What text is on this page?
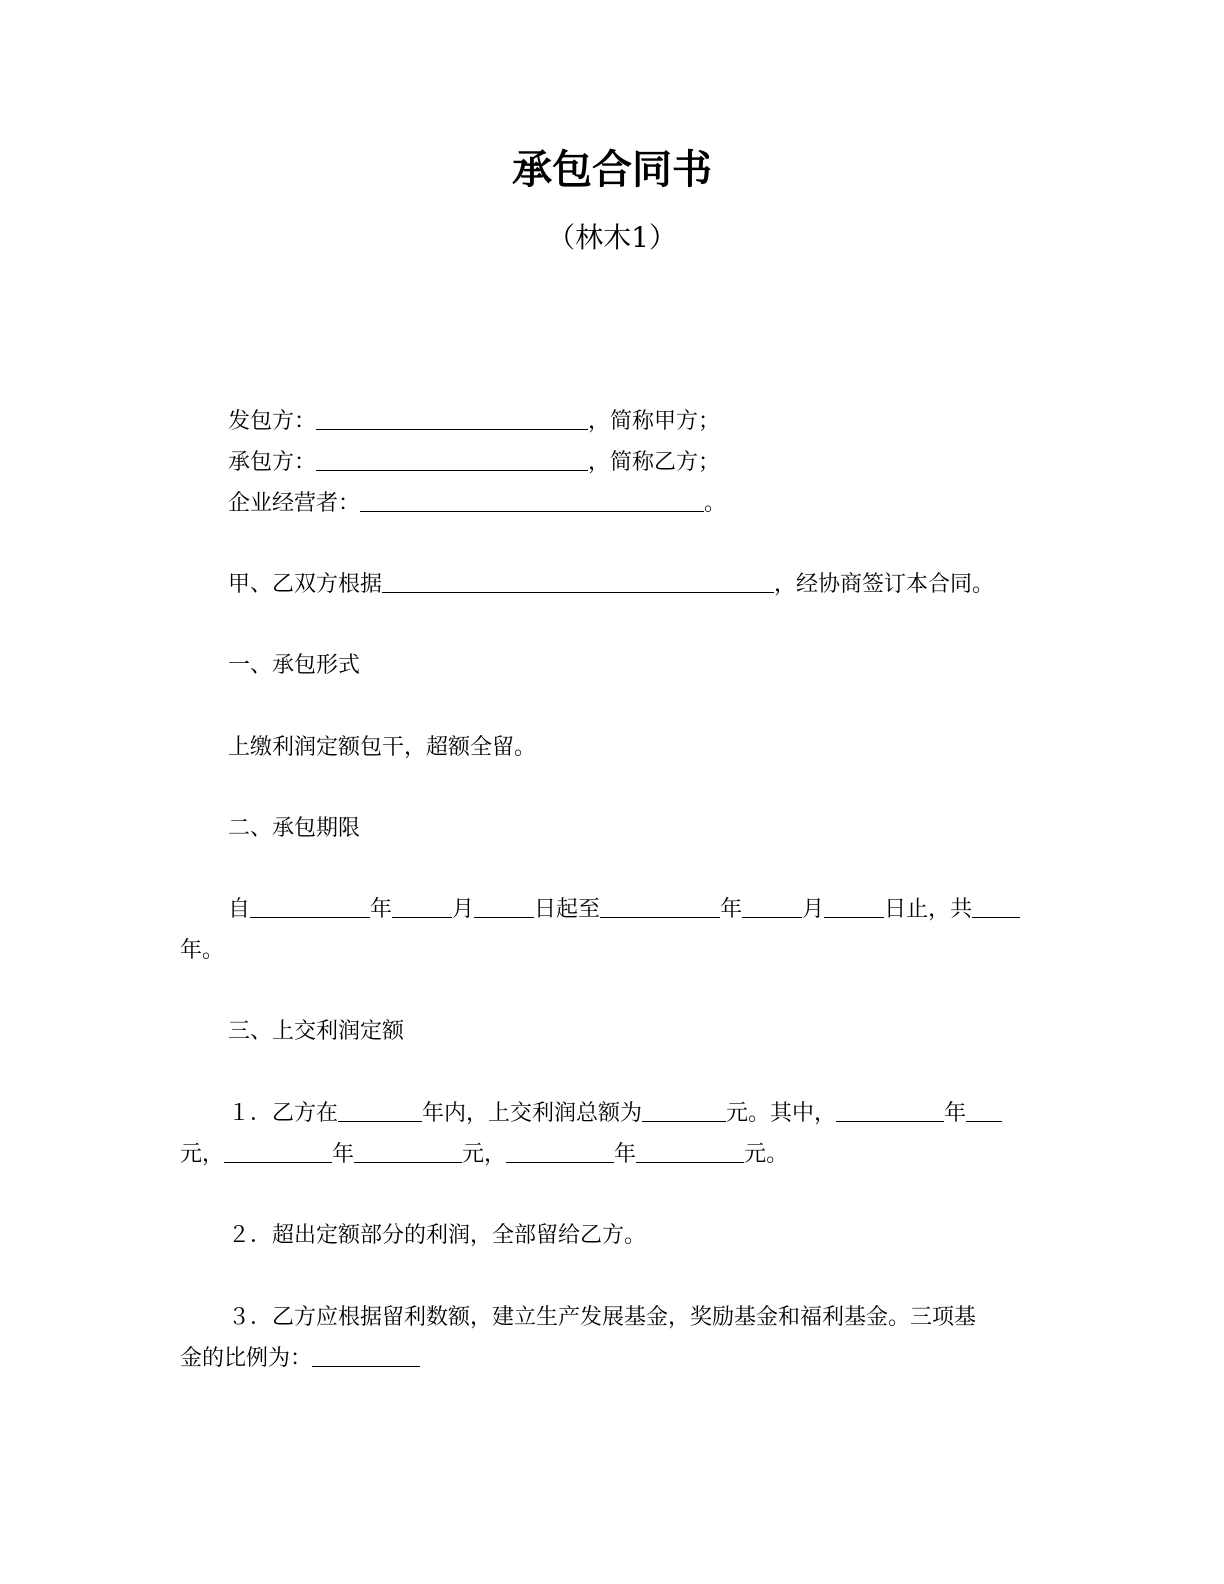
承包合同书
（林木1）
发包方：	，简称甲方；
承包方：	，简称乙方；
企业经营者：	。
甲、乙双方根据	，经协商签订本合同。
一、承包形式
上缴利润定额包干，超额全留。
二、承包期限
自	年	月	日起至	年	月	日止，共
年。
三、上交利润定额
１．乙方在	年内，上交利润总额为	元。其中，	年
元，	年	元，	年	元。
２．超出定额部分的利润，全部留给乙方。
３．乙方应根据留利数额，建立生产发展基金，奖励基金和福利基金。三项基
金的比例为：
